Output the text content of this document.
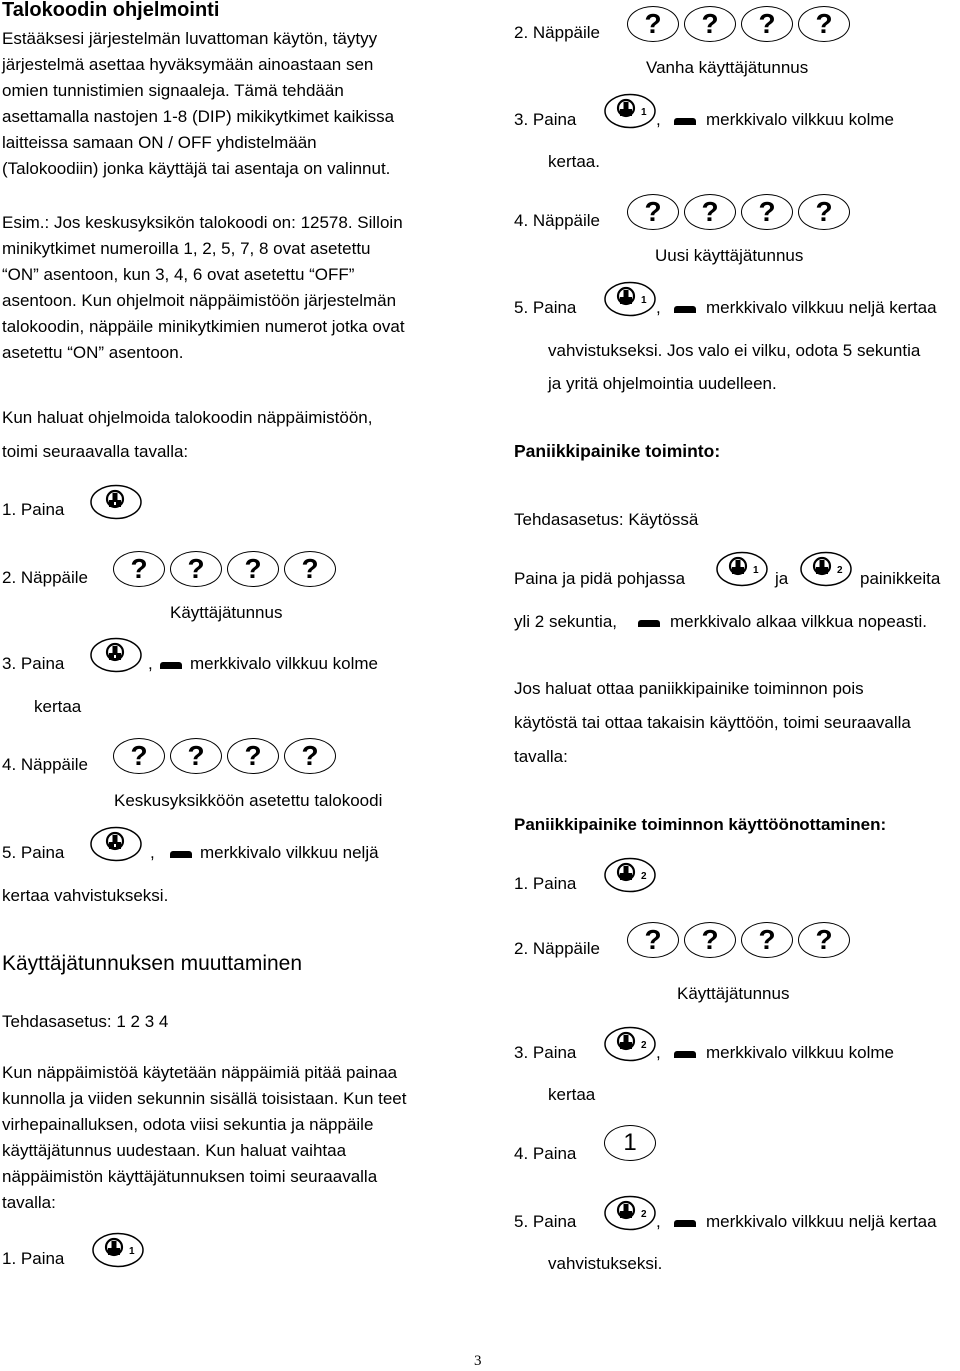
Talokoodin ohjelmointi
Estääksesi järjestelmän luvattoman käytön, täytyy
järjestelmä asettaa hyväksymään ainoastaan sen
omien tunnistimien signaaleja. Tämä tehdään
asettamalla nastojen 1-8 (DIP) mikikytkimet kaikissa
laitteissa samaan ON / OFF yhdistelmään
(Talokoodiin) jonka käyttäjä tai asentaja on valinnut.
Esim.: Jos keskusyksikön talokoodi on: 12578. Silloin
minikytkimet numeroilla 1, 2, 5, 7, 8 ovat asetettu
“ON” asentoon, kun 3, 4, 6 ovat asetettu “OFF”
asentoon. Kun ohjelmoit näppäimistöön järjestelmän
talokoodin, näppäile minikytkimien numerot jotka ovat
asetettu “ON” asentoon.
Kun haluat ohjelmoida talokoodin näppäimistöön,
toimi seuraavalla tavalla:
1. Paina
2. Näppäile	?	?	?	?
Käyttäjätunnus
3. Paina	, merkkivalo vilkkuu kolme
kertaa
4. Näppäile	?	?	?	?
Keskusyksikköön asetettu talokoodi
5. Paina	,	merkkivalo vilkkuu neljä
kertaa vahvistukseksi.
Käyttäjätunnuksen muuttaminen
Tehdasasetus: 1 2 3 4
Kun näppäimistöä käytetään näppäimiä pitää painaa
kunnolla ja viiden sekunnin sisällä toisistaan. Kun teet
virhepainalluksen, odota viisi sekuntia ja näppäile
käyttäjätunnus uudestaan. Kun haluat vaihtaa
näppäimistön käyttäjätunnuksen toimi seuraavalla
tavalla:
1. Paina
2. Näppäile	?	?	?	?
Vanha käyttäjätunnus
3. Paina	,	merkkivalo vilkkuu kolme
kertaa.
4. Näppäile	?	?	?	?
Uusi käyttäjätunnus
5. Paina	,	merkkivalo vilkkuu neljä kertaa
vahvistukseksi. Jos valo ei vilku, odota 5 sekuntia
ja yritä ohjelmointia uudelleen.
Paniikkipainike toiminto:
Tehdasasetus: Käytössä
Paina ja pidä pohjassa	ja	painikkeita
yli 2 sekuntia,	merkkivalo alkaa vilkkua nopeasti.
Jos haluat ottaa paniikkipainike toiminnon pois
käytöstä tai ottaa takaisin käyttöön, toimi seuraavalla
tavalla:
Paniikkipainike toiminnon käyttöönottaminen:
1. Paina
2. Näppäile	?	?	?	?
Käyttäjätunnus
3. Paina	,	merkkivalo vilkkuu kolme
kertaa
4. Paina	1
5. Paina	,	merkkivalo vilkkuu neljä kertaa
vahvistukseksi.
3
